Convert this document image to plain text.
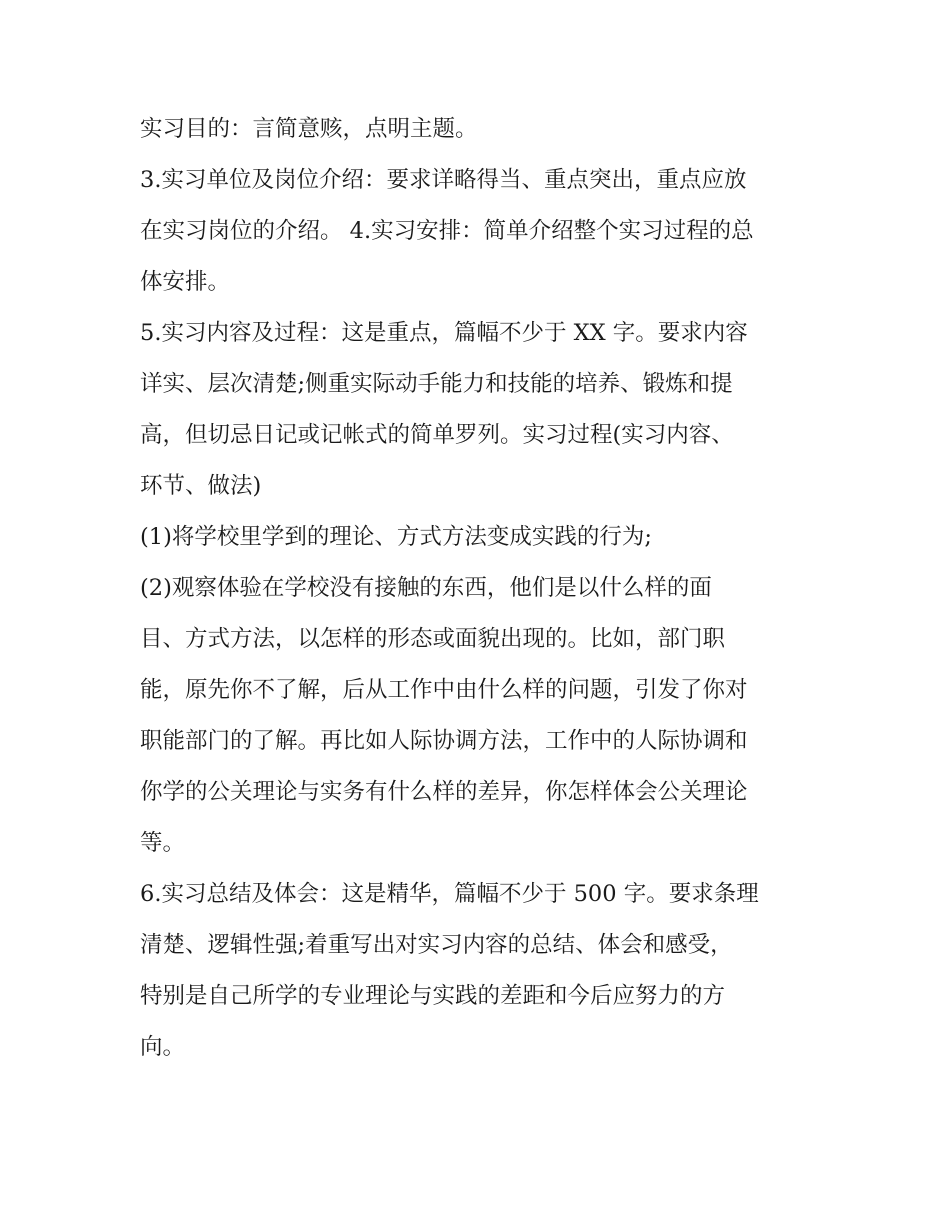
实习目的：言简意赅，点明主题。
3.实习单位及岗位介绍：要求详略得当、重点突出，重点应放
在实习岗位的介绍。 4.实习安排：简单介绍整个实习过程的总
体安排。
5.实习内容及过程：这是重点，篇幅不少于 XX 字。要求内容
详实、层次清楚;侧重实际动手能力和技能的培养、锻炼和提
高，但切忌日记或记帐式的简单罗列。实习过程(实习内容、
环节、做法)
(1)将学校里学到的理论、方式方法变成实践的行为;
(2)观察体验在学校没有接触的东西，他们是以什么样的面
目、方式方法，以怎样的形态或面貌出现的。比如，部门职
能，原先你不了解，后从工作中由什么样的问题，引发了你对
职能部门的了解。再比如人际协调方法，工作中的人际协调和
你学的公关理论与实务有什么样的差异，你怎样体会公关理论
等。
6.实习总结及体会：这是精华，篇幅不少于 500 字。要求条理
清楚、逻辑性强;着重写出对实习内容的总结、体会和感受，
特别是自己所学的专业理论与实践的差距和今后应努力的方
向。
